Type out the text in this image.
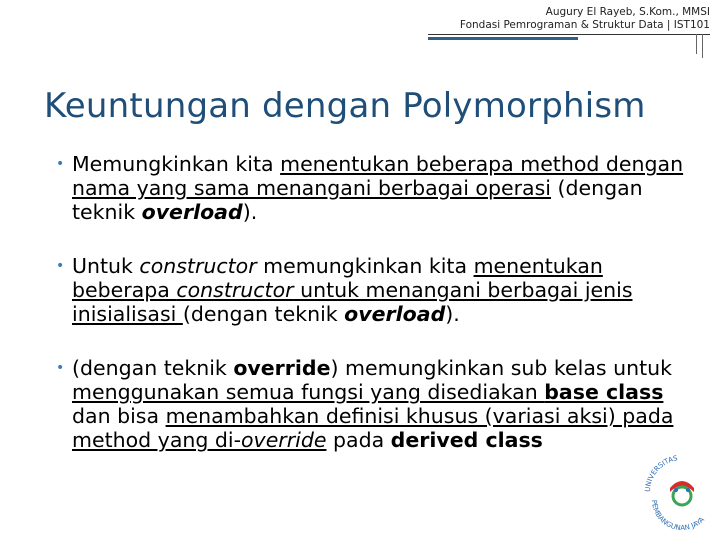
Augury El Rayeb, S.Kom., MMSI
Fondasi Pemrograman & Struktur Data | IST101
Keuntungan dengan Polymorphism
• Memungkinkan kita menentukan beberapa method dengan nama yang sama menangani berbagai operasi (dengan teknik overload).
• Untuk constructor memungkinkan kita menentukan beberapa constructor untuk menangani berbagai jenis inisialisasi (dengan teknik overload).
• (dengan teknik override) memungkinkan sub kelas untuk menggunakan semua fungsi yang disediakan base class dan bisa menambahkan definisi khusus (variasi aksi) pada method yang di-override pada derived class
UNIVERSITAS
PEMBANGUNAN JAYA
